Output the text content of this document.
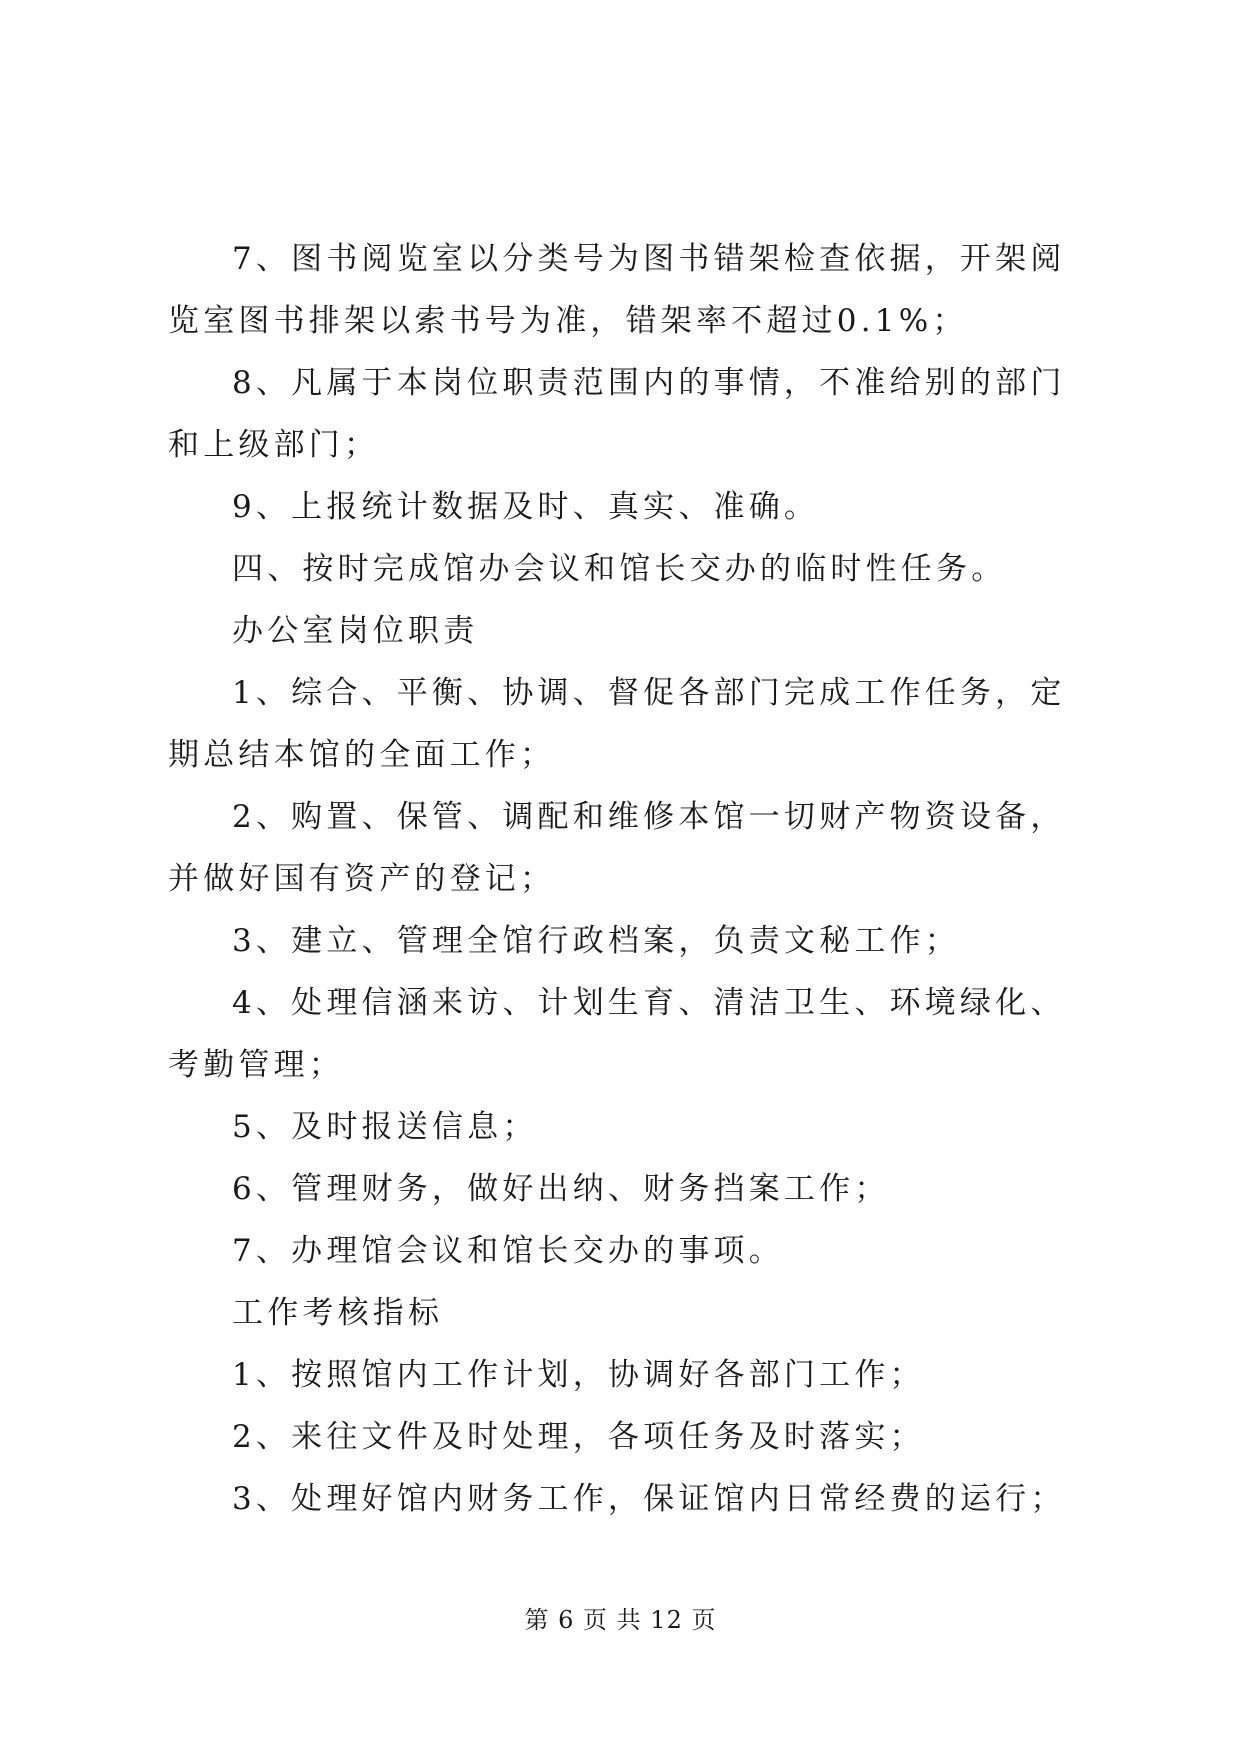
7、图书阅览室以分类号为图书错架检查依据，开架阅览室图书排架以索书号为准，错架率不超过0.1%；

8、凡属于本岗位职责范围内的事情，不准给别的部门和上级部门；

9、上报统计数据及时、真实、准确。

四、按时完成馆办会议和馆长交办的临时性任务。

办公室岗位职责

1、综合、平衡、协调、督促各部门完成工作任务，定期总结本馆的全面工作；

2、购置、保管、调配和维修本馆一切财产物资设备，并做好国有资产的登记；

3、建立、管理全馆行政档案，负责文秘工作；

4、处理信涵来访、计划生育、清洁卫生、环境绿化、考勤管理；

5、及时报送信息；

6、管理财务，做好出纳、财务挡案工作；

7、办理馆会议和馆长交办的事项。

工作考核指标

1、按照馆内工作计划，协调好各部门工作；

2、来往文件及时处理，各项任务及时落实；

3、处理好馆内财务工作，保证馆内日常经费的运行；

第 6 页 共 12 页
